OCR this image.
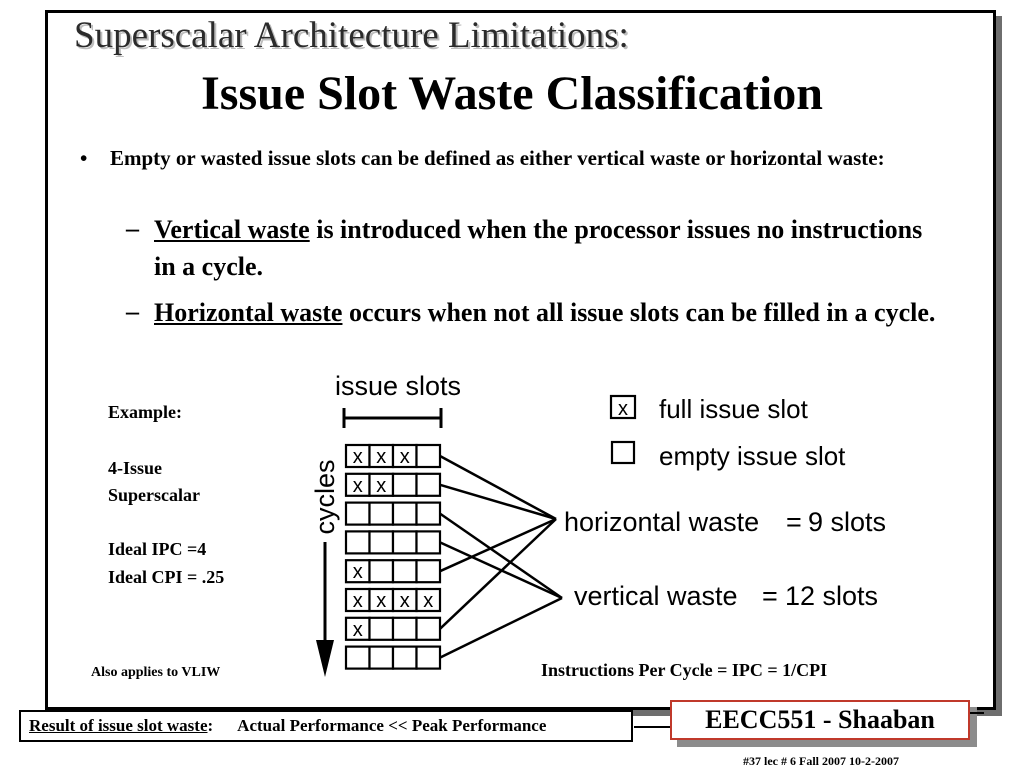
Superscalar Architecture Limitations:
Issue Slot Waste Classification
• Empty or wasted issue slots can be defined as either vertical waste or horizontal waste:
– Vertical waste is introduced when the processor issues no instructions in a cycle.
– Horizontal waste occurs when not all issue slots can be filled in a cycle.
Example:
4-Issue
Superscalar
Ideal IPC =4
Ideal CPI = .25
issue slots
cycles
x x x
x x
x
x x x x
x
horizontal waste = 9 slots
vertical waste = 12 slots
x full issue slot
empty issue slot
Also applies to VLIW	Instructions Per Cycle = IPC = 1/CPI
Result of issue slot waste : Actual Performance << Peak Performance	EECC551 - Shaaban
#37 lec # 6 Fall 2007 10-2-2007
